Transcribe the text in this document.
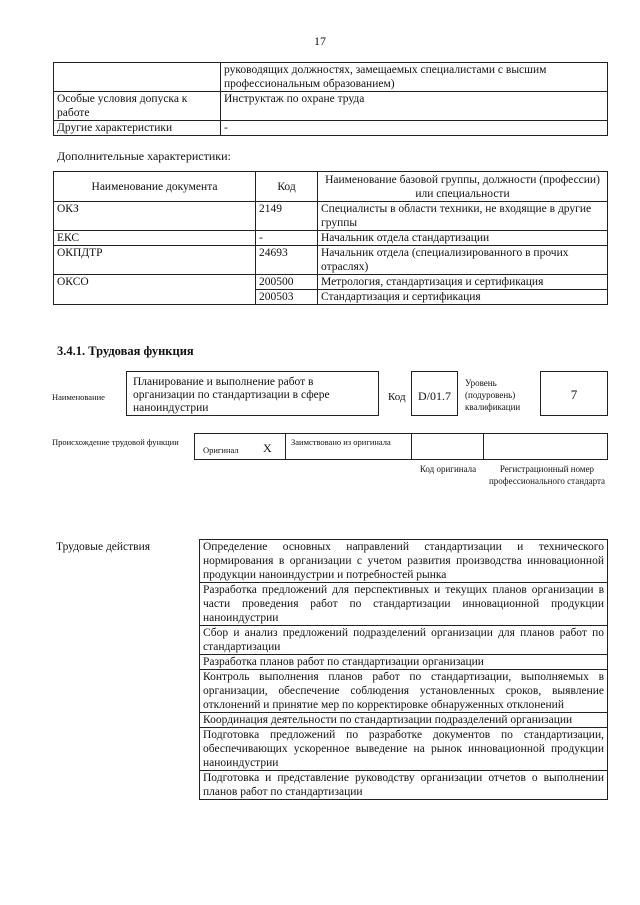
17
	руководящих должностях, замещаемых специалистами с высшим профессиональным образованием)
Особые условия допуска к работе	Инструктаж по охране труда
Другие характеристики	-
Дополнительные характеристики:
Наименование документа	Код	Наименование базовой группы, должности (профессии) или специальности
ОКЗ	2149	Специалисты в области техники, не входящие в другие группы
ЕКС	-	Начальник отдела стандартизации
ОКПДТР	24693	Начальник отдела (специализированного в прочих отраслях)
ОКСО	200500	Метрология, стандартизация и сертификация
	200503	Стандартизация и сертификация
3.4.1. Трудовая функция
Наименование
Планирование и выполнение работ в организации по стандартизации в сфере наноиндустрии
Код	D/01.7
Уровень (подуровень) квалификации
7
Происхождение трудовой функции
Оригинал X Заимствовано из оригинала
Код оригинала	Регистрационный номер профессионального стандарта
Трудовые действия	Определение основных направлений стандартизации и технического нормирования в организации с учетом развития производства инновационной продукции наноиндустрии и потребностей рынка
Разработка предложений для перспективных и текущих планов организации в части проведения работ по стандартизации инновационной продукции наноиндустрии
Сбор и анализ предложений подразделений организации для планов работ по стандартизации
Разработка планов работ по стандартизации организации
Контроль выполнения планов работ по стандартизации, выполняемых в организации, обеспечение соблюдения установленных сроков, выявление отклонений и принятие мер по корректировке обнаруженных отклонений
Координация деятельности по стандартизации подразделений организации
Подготовка предложений по разработке документов по стандартизации, обеспечивающих ускоренное выведение на рынок инновационной продукции наноиндустрии
Подготовка и представление руководству организации отчетов о выполнении планов работ по стандартизации
